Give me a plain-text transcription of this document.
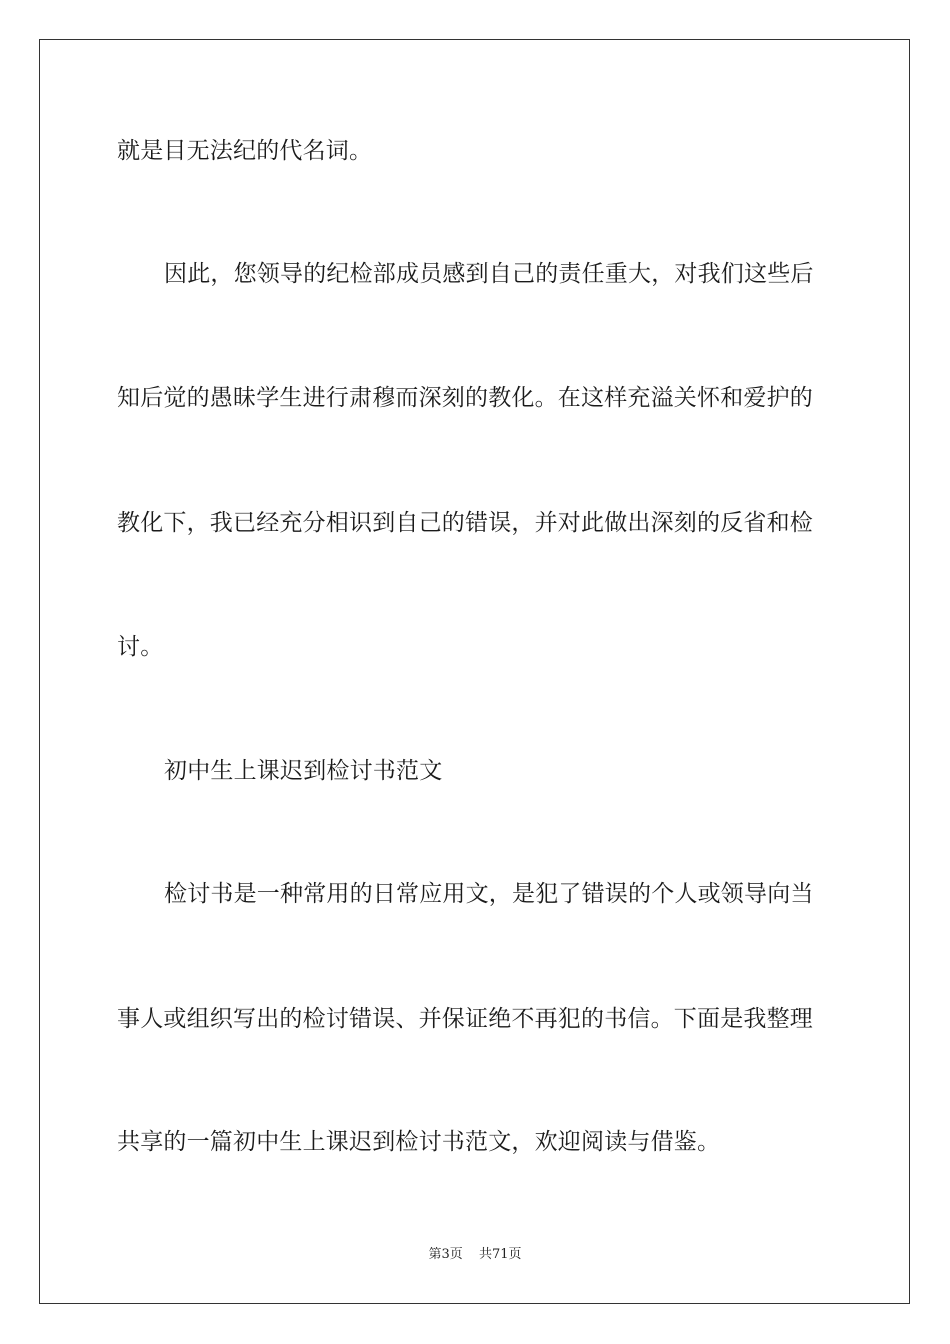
就是目无法纪的代名词。
因此，您领导的纪检部成员感到自己的责任重大，对我们这些后
知后觉的愚昧学生进行肃穆而深刻的教化。在这样充溢关怀和爱护的
教化下，我已经充分相识到自己的错误，并对此做出深刻的反省和检
讨。
初中生上课迟到检讨书范文
检讨书是一种常用的日常应用文，是犯了错误的个人或领导向当
事人或组织写出的检讨错误、并保证绝不再犯的书信。下面是我整理
共享的一篇初中生上课迟到检讨书范文，欢迎阅读与借鉴。
第3页 共71页
